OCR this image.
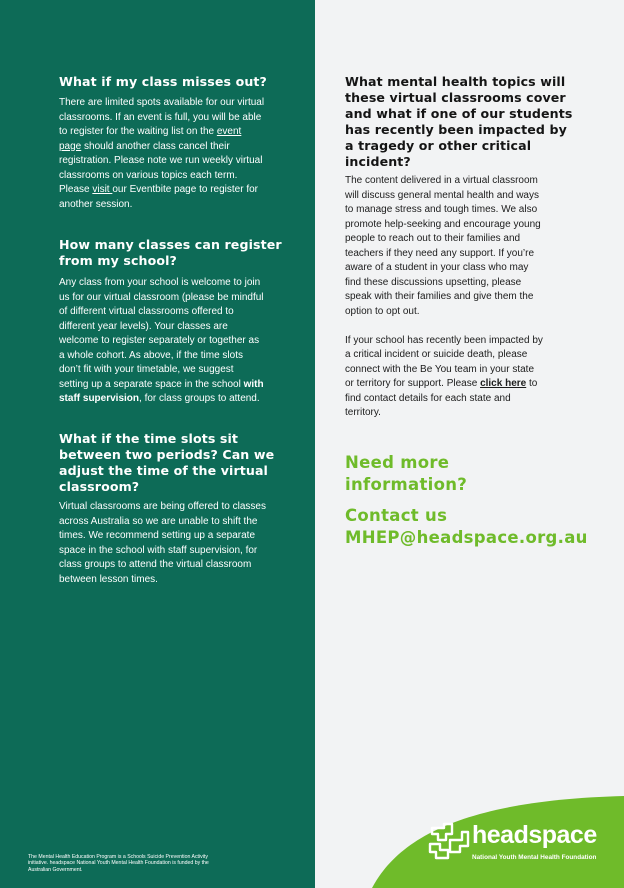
What if my class misses out?

There are limited spots available for our virtual
classrooms. If an event is full, you will be able
to register for the waiting list on the event
page should another class cancel their
registration. Please note we run weekly virtual
classrooms on various topics each term.
Please visit our Eventbite page to register for
another session.

How many classes can register from my school?

Any class from your school is welcome to join
us for our virtual classroom (please be mindful
of different virtual classrooms offered to
different year levels). Your classes are
welcome to register separately or together as
a whole cohort. As above, if the time slots
don’t fit with your timetable, we suggest
setting up a separate space in the school with
staff supervision, for class groups to attend.

What if the time slots sit between two periods? Can we adjust the time of the virtual classroom?

Virtual classrooms are being offered to classes
across Australia so we are unable to shift the
times. We recommend setting up a separate
space in the school with staff supervision, for
class groups to attend the virtual classroom
between lesson times.

The Mental Health Education Program is a Schools Suicide Prevention Activity initiative. headspace National Youth Mental Health Foundation is funded by the Australian Government.
What mental health topics will these virtual classrooms cover and what if one of our students has recently been impacted by a tragedy or other critical incident?

The content delivered in a virtual classroom
will discuss general mental health and ways
to manage stress and tough times. We also
promote help-seeking and encourage young
people to reach out to their families and
teachers if they need any support. If you’re
aware of a student in your class who may
find these discussions upsetting, please
speak with their families and give them the
option to opt out.

If your school has recently been impacted by
a critical incident or suicide death, please
connect with the Be You team in your state
or territory for support. Please click here to
find contact details for each state and
territory.

Need more
information?
Contact us
MHEP@headspace.org.au
headspace
National Youth Mental Health Foundation
